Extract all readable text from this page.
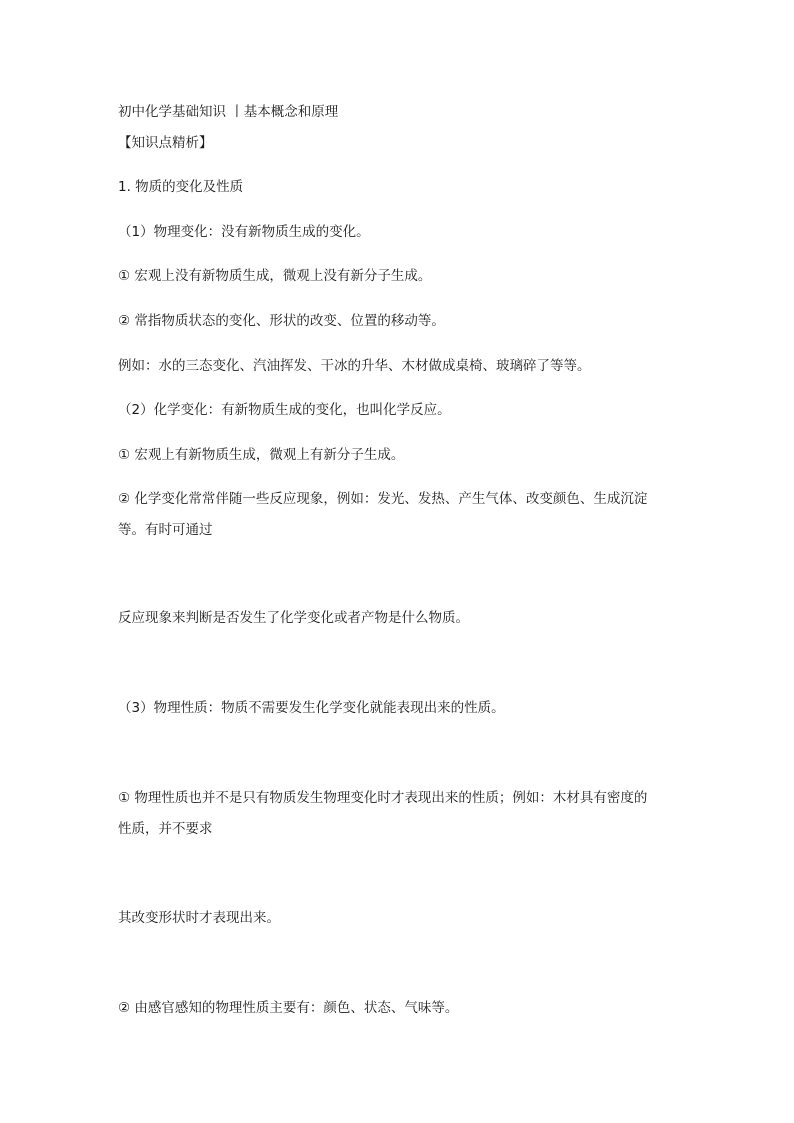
初中化学基础知识 丨基本概念和原理
【知识点精析】
1. 物质的变化及性质
（1）物理变化：没有新物质生成的变化。
① 宏观上没有新物质生成，微观上没有新分子生成。
② 常指物质状态的变化、形状的改变、位置的移动等。
例如：水的三态变化、汽油挥发、干冰的升华、木材做成桌椅、玻璃碎了等等。
（2）化学变化：有新物质生成的变化，也叫化学反应。
① 宏观上有新物质生成，微观上有新分子生成。
② 化学变化常常伴随一些反应现象，例如：发光、发热、产生气体、改变颜色、生成沉淀
等。有时可通过
反应现象来判断是否发生了化学变化或者产物是什么物质。
（3）物理性质：物质不需要发生化学变化就能表现出来的性质。
① 物理性质也并不是只有物质发生物理变化时才表现出来的性质；例如：木材具有密度的
性质，并不要求
其改变形状时才表现出来。
② 由感官感知的物理性质主要有：颜色、状态、气味等。
